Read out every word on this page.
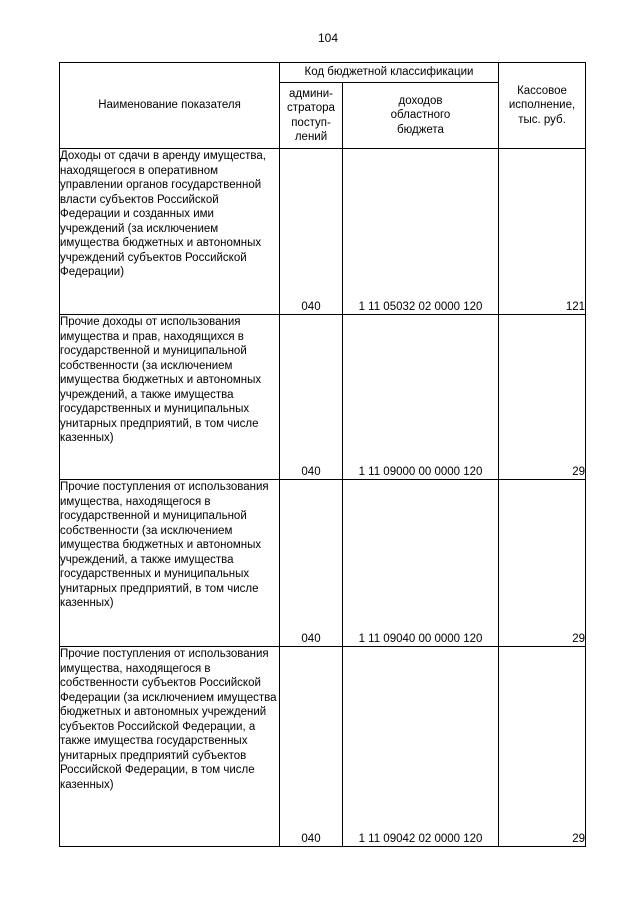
104
Наименование показателя	Код бюджетной классификации		Кассовое
исполнение,
тыс. руб.
	админи-
стратора
поступ-
лений	доходов
областного
бюджета	
Доходы от сдачи в аренду имущества, находящегося в оперативном управлении органов государственной власти субъектов Российской Федерации и созданных ими учреждений (за исключением имущества бюджетных и автономных учреждений субъектов Российской Федерации)	040	1 11 05032 02 0000 120	121
Прочие доходы от использования имущества и прав, находящихся в государственной и муниципальной собственности (за исключением имущества бюджетных и автономных учреждений, а также имущества государственных и муниципальных унитарных предприятий, в том числе казенных)	040	1 11 09000 00 0000 120	29
Прочие поступления от использования имущества, находящегося в государственной и муниципальной собственности (за исключением имущества бюджетных и автономных учреждений, а также имущества государственных и муниципальных унитарных предприятий, в том числе казенных)	040	1 11 09040 00 0000 120	29
Прочие поступления от использования имущества, находящегося в собственности субъектов Российской Федерации (за исключением имущества бюджетных и автономных учреждений субъектов Российской Федерации, а также имущества государственных унитарных предприятий субъектов Российской Федерации, в том числе казенных)	040	1 11 09042 02 0000 120	29
